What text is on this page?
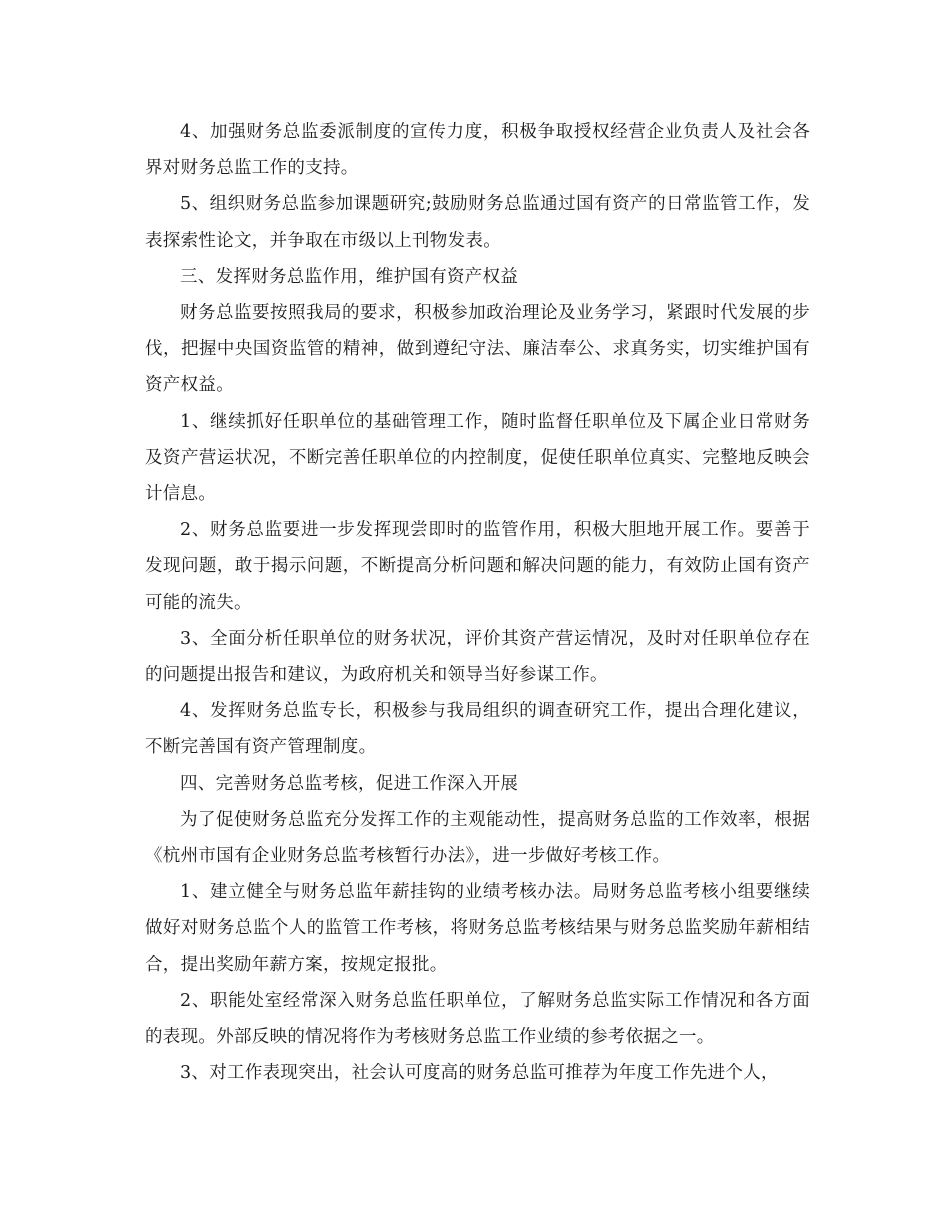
4、加强财务总监委派制度的宣传力度，积极争取授权经营企业负责人及社会各界对财务总监工作的支持。

5、组织财务总监参加课题研究;鼓励财务总监通过国有资产的日常监管工作，发表探索性论文，并争取在市级以上刊物发表。

三、发挥财务总监作用，维护国有资产权益

财务总监要按照我局的要求，积极参加政治理论及业务学习，紧跟时代发展的步伐，把握中央国资监管的精神，做到遵纪守法、廉洁奉公、求真务实，切实维护国有资产权益。

1、继续抓好任职单位的基础管理工作，随时监督任职单位及下属企业日常财务及资产营运状况，不断完善任职单位的内控制度，促使任职单位真实、完整地反映会计信息。

2、财务总监要进一步发挥现尝即时的监管作用，积极大胆地开展工作。要善于发现问题，敢于揭示问题，不断提高分析问题和解决问题的能力，有效防止国有资产可能的流失。

3、全面分析任职单位的财务状况，评价其资产营运情况，及时对任职单位存在的问题提出报告和建议，为政府机关和领导当好参谋工作。

4、发挥财务总监专长，积极参与我局组织的调查研究工作，提出合理化建议，不断完善国有资产管理制度。

四、完善财务总监考核，促进工作深入开展

为了促使财务总监充分发挥工作的主观能动性，提高财务总监的工作效率，根据《杭州市国有企业财务总监考核暂行办法》，进一步做好考核工作。

1、建立健全与财务总监年薪挂钩的业绩考核办法。局财务总监考核小组要继续做好对财务总监个人的监管工作考核，将财务总监考核结果与财务总监奖励年薪相结合，提出奖励年薪方案，按规定报批。

2、职能处室经常深入财务总监任职单位，了解财务总监实际工作情况和各方面的表现。外部反映的情况将作为考核财务总监工作业绩的参考依据之一。

3、对工作表现突出，社会认可度高的财务总监可推荐为年度工作先进个人，
